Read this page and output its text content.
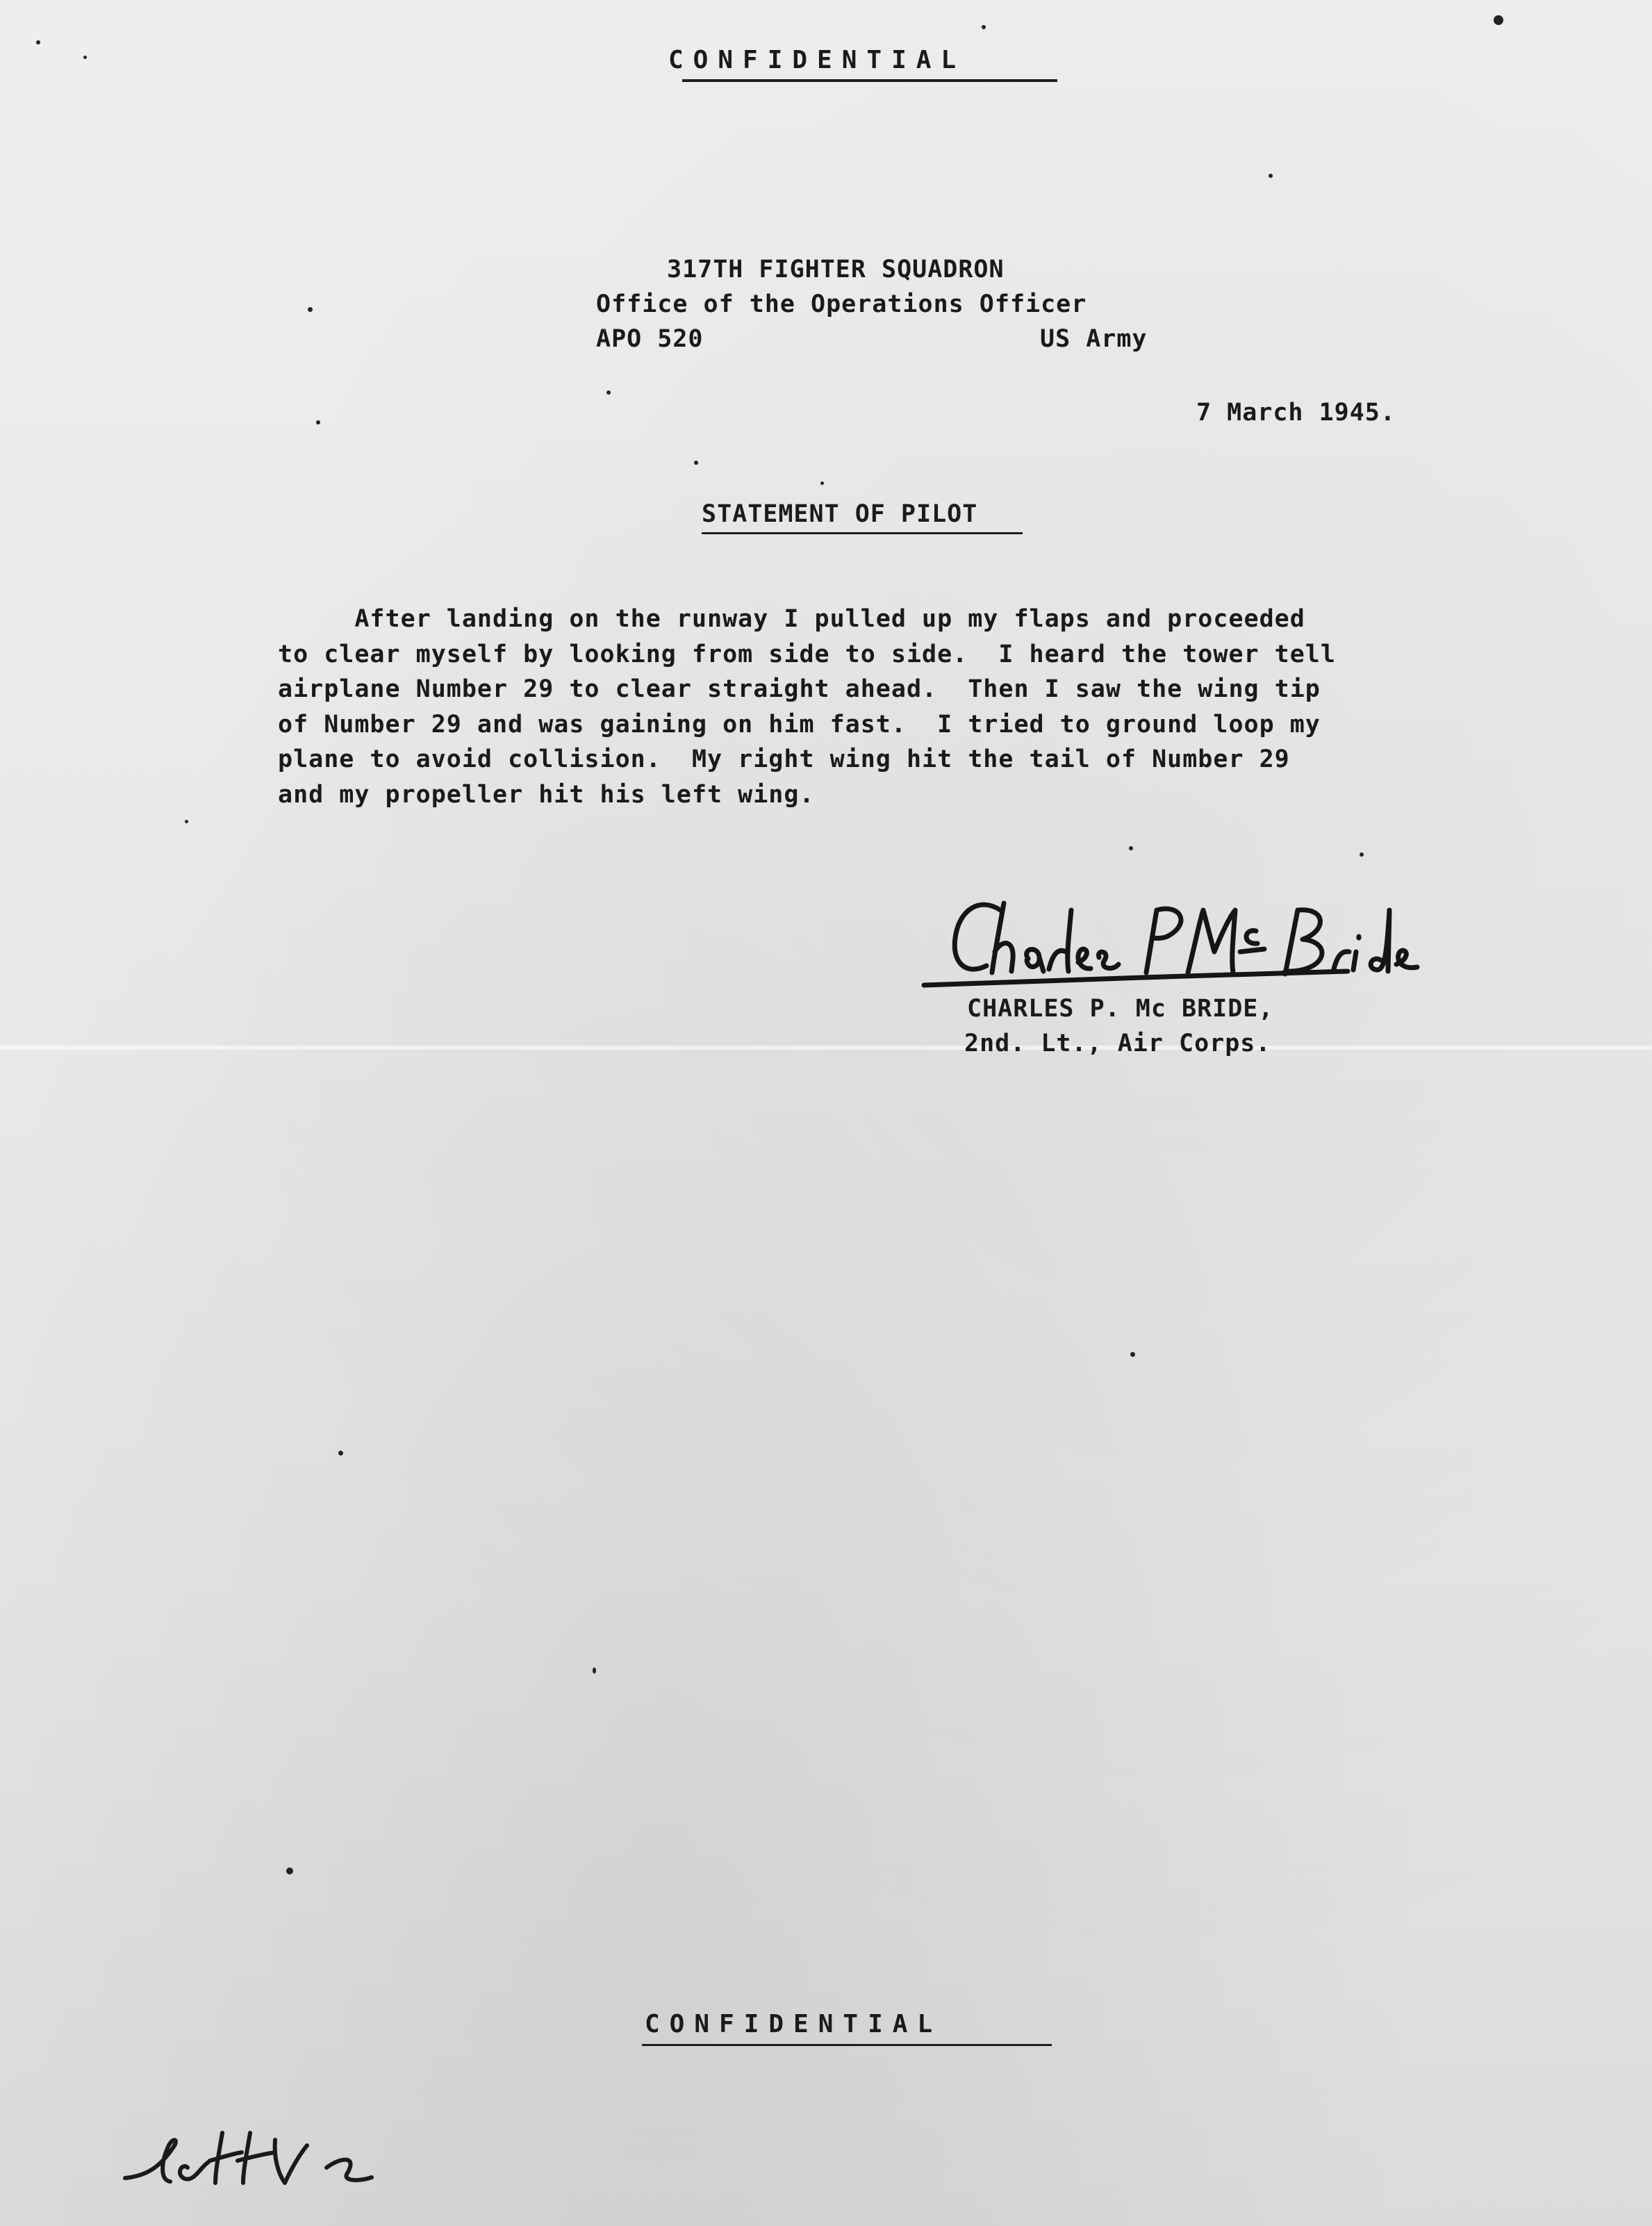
CONFIDENTIAL
317TH FIGHTER SQUADRON
Office of the Operations Officer
APO 520	US Army
7 March 1945.
STATEMENT OF PILOT
After landing on the runway I pulled up my flaps and proceeded
to clear myself by looking from side to side.  I heard the tower tell
airplane Number 29 to clear straight ahead.  Then I saw the wing tip
of Number 29 and was gaining on him fast.  I tried to ground loop my
plane to avoid collision.  My right wing hit the tail of Number 29
and my propeller hit his left wing.
CHARLES P. Mc BRIDE,
2nd. Lt., Air Corps.
CONFIDENTIAL
